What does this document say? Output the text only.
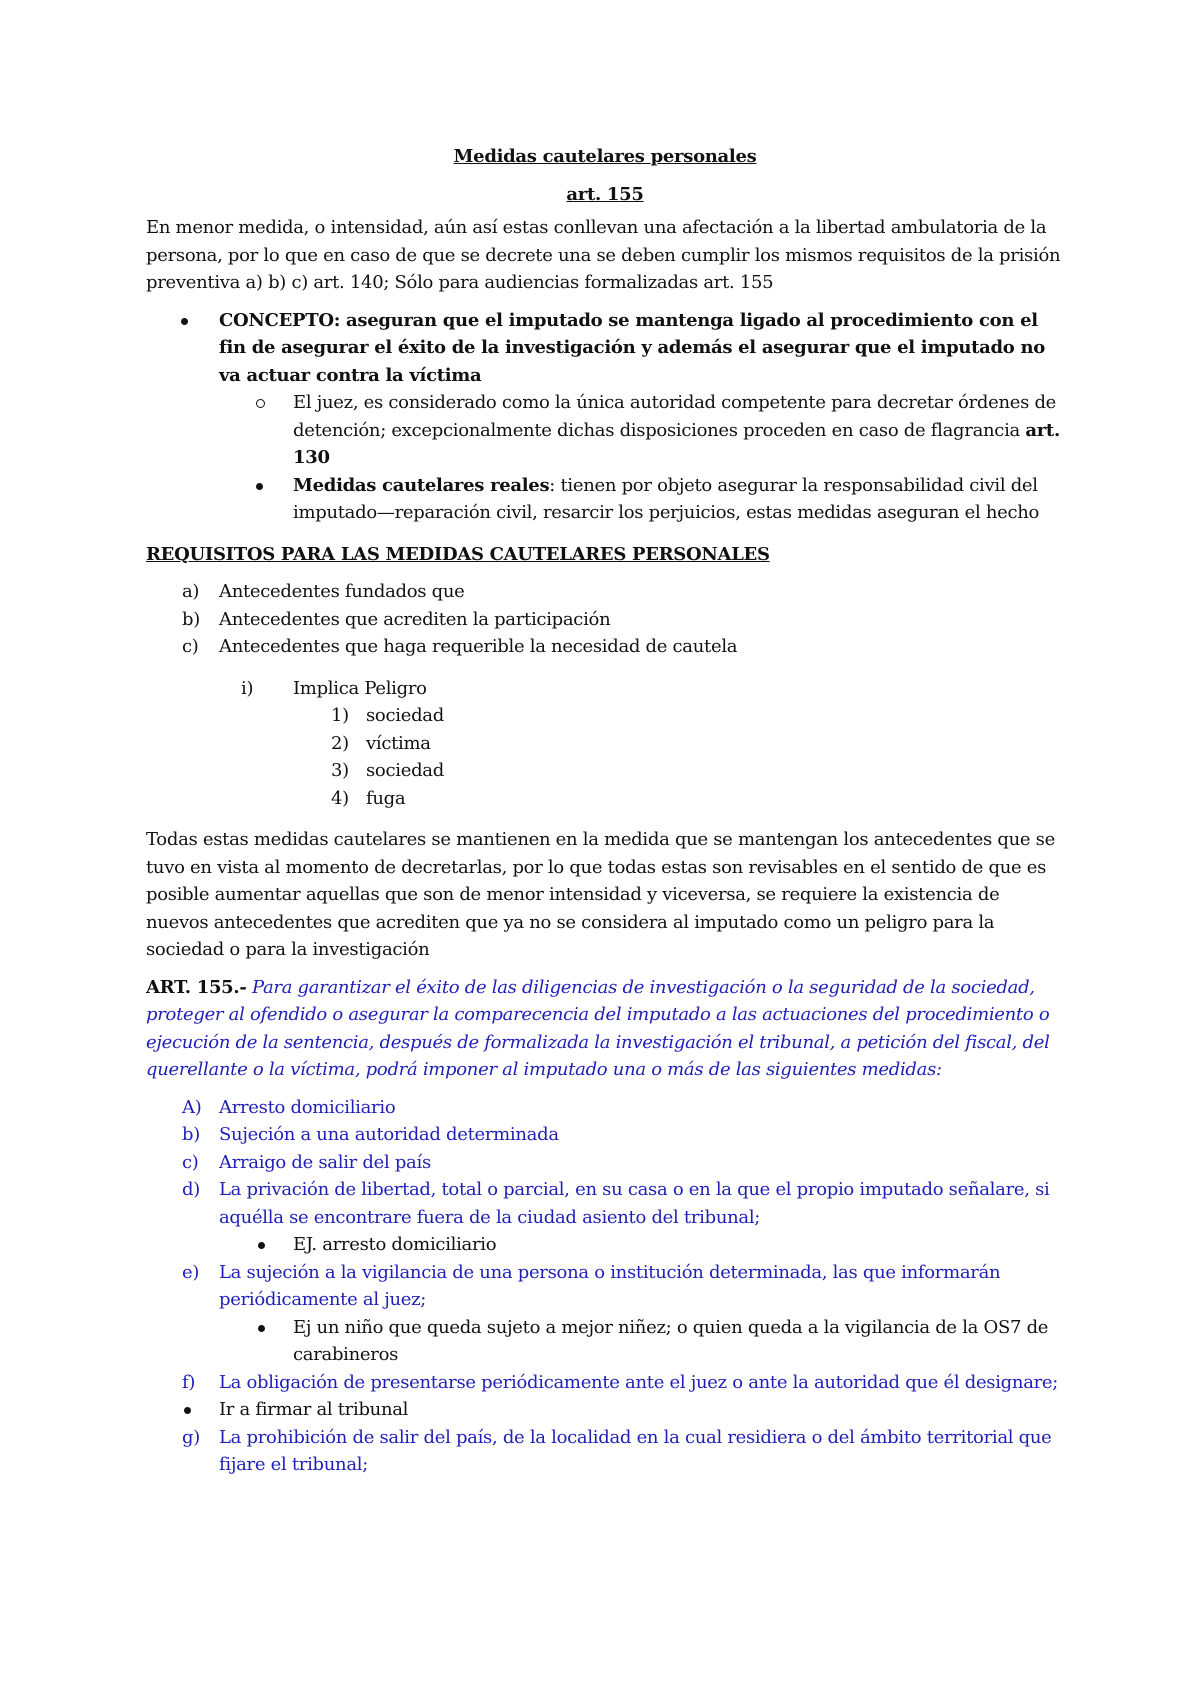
Medidas cautelares personales

art. 155

En menor medida, o intensidad, aún así estas conllevan una afectación a la libertad ambulatoria de la persona, por lo que en caso de que se decrete una se deben cumplir los mismos requisitos de la prisión preventiva a) b) c) art. 140; Sólo para audiencias formalizadas art. 155

CONCEPTO: aseguran que el imputado se mantenga ligado al procedimiento con el fin de asegurar el éxito de la investigación y además el asegurar que el imputado no va actuar contra la víctima
El juez, es considerado como la única autoridad competente para decretar órdenes de detención; excepcionalmente dichas disposiciones proceden en caso de flagrancia art. 130
Medidas cautelares reales: tienen por objeto asegurar la responsabilidad civil del imputado—reparación civil, resarcir los perjuicios, estas medidas aseguran el hecho

REQUISITOS PARA LAS MEDIDAS CAUTELARES PERSONALES

a) Antecedentes fundados que
b) Antecedentes que acrediten la participación
c) Antecedentes que haga requerible la necesidad de cautela
i) Implica Peligro
1) sociedad
2) víctima
3) sociedad
4) fuga

Todas estas medidas cautelares se mantienen en la medida que se mantengan los antecedentes que se tuvo en vista al momento de decretarlas, por lo que todas estas son revisables en el sentido de que es posible aumentar aquellas que son de menor intensidad y viceversa, se requiere la existencia de nuevos antecedentes que acrediten que ya no se considera al imputado como un peligro para la sociedad o para la investigación

ART. 155.- Para garantizar el éxito de las diligencias de investigación o la seguridad de la sociedad, proteger al ofendido o asegurar la comparecencia del imputado a las actuaciones del procedimiento o ejecución de la sentencia, después de formalizada la investigación el tribunal, a petición del fiscal, del querellante o la víctima, podrá imponer al imputado una o más de las siguientes medidas:

A) Arresto domiciliario
b) Sujeción a una autoridad determinada
c) Arraigo de salir del país
d) La privación de libertad, total o parcial, en su casa o en la que el propio imputado señalare, si aquélla se encontrare fuera de la ciudad asiento del tribunal;
EJ. arresto domiciliario
e) La sujeción a la vigilancia de una persona o institución determinada, las que informarán periódicamente al juez;
Ej un niño que queda sujeto a mejor niñez; o quien queda a la vigilancia de la OS7 de carabineros
f) La obligación de presentarse periódicamente ante el juez o ante la autoridad que él designare;
Ir a firmar al tribunal
g) La prohibición de salir del país, de la localidad en la cual residiera o del ámbito territorial que fijare el tribunal;
